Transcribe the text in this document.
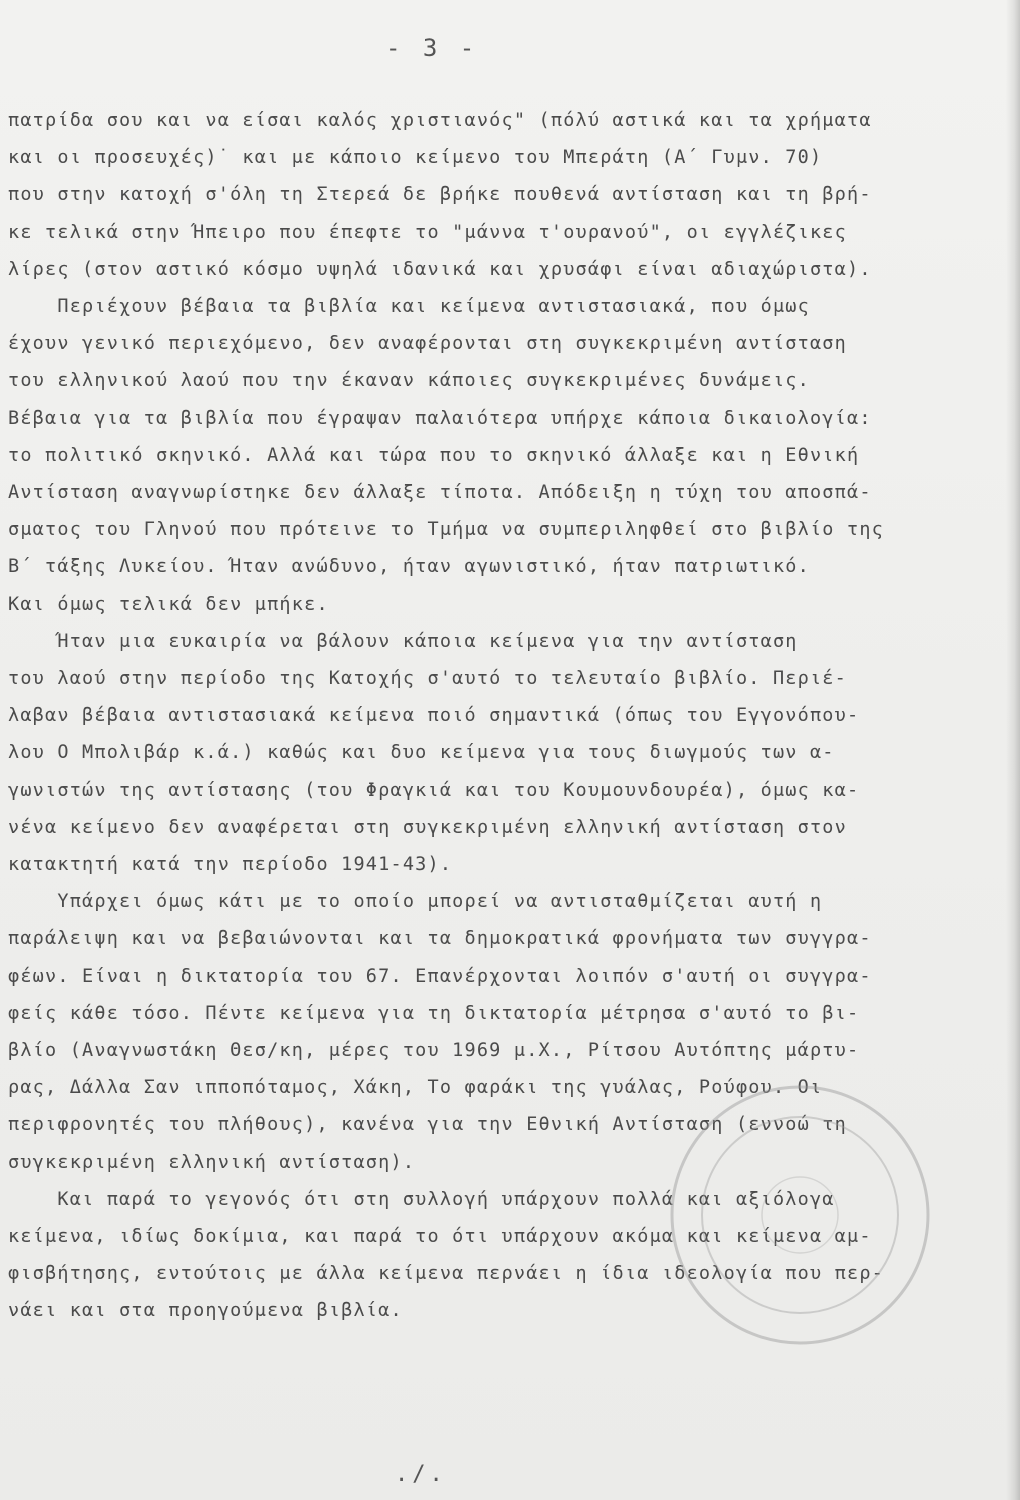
- 3 -
πατρίδα σου και να είσαι καλός χριστιανός" (πόλύ αστικά και τα χρήματα
και οι προσευχές)˙ και με κάποιο κείμενο του Μπεράτη (Α΄ Γυμν. 70)
που στην κατοχή σ'όλη τη Στερεά δε βρήκε πουθενά αντίσταση και τη βρή-
κε τελικά στην Ήπειρο που έπεφτε το "μάννα τ'ουρανού", οι εγγλέζικες
λίρες (στον αστικό κόσμο υψηλά ιδανικά και χρυσάφι είναι αδιαχώριστα).
Περιέχουν βέβαια τα βιβλία και κείμενα αντιστασιακά, που όμως
έχουν γενικό περιεχόμενο, δεν αναφέρονται στη συγκεκριμένη αντίσταση
του ελληνικού λαού που την έκαναν κάποιες συγκεκριμένες δυνάμεις.
Βέβαια για τα βιβλία που έγραψαν παλαιότερα υπήρχε κάποια δικαιολογία:
το πολιτικό σκηνικό. Αλλά και τώρα που το σκηνικό άλλαξε και η Εθνική
Αντίσταση αναγνωρίστηκε δεν άλλαξε τίποτα. Απόδειξη η τύχη του αποσπά-
σματος του Γληνού που πρότεινε το Τμήμα να συμπεριληφθεί στο βιβλίο της
Β΄ τάξης Λυκείου. Ήταν ανώδυνο, ήταν αγωνιστικό, ήταν πατριωτικό.
Και όμως τελικά δεν μπήκε.
Ήταν μια ευκαιρία να βάλουν κάποια κείμενα για την αντίσταση
του λαού στην περίοδο της Κατοχής σ'αυτό το τελευταίο βιβλίο. Περιέ-
λαβαν βέβαια αντιστασιακά κείμενα ποιό σημαντικά (όπως του Εγγονόπου-
λου Ο Μπολιβάρ κ.ά.) καθώς και δυο κείμενα για τους διωγμούς των α-
γωνιστών της αντίστασης (του Φραγκιά και του Κουμουνδουρέα), όμως κα-
νένα κείμενο δεν αναφέρεται στη συγκεκριμένη ελληνική αντίσταση στον
κατακτητή κατά την περίοδο 1941-43).
Υπάρχει όμως κάτι με το οποίο μπορεί να αντισταθμίζεται αυτή η
παράλειψη και να βεβαιώνονται και τα δημοκρατικά φρονήματα των συγγρα-
φέων. Είναι η δικτατορία του 67. Επανέρχονται λοιπόν σ'αυτή οι συγγρα-
φείς κάθε τόσο. Πέντε κείμενα για τη δικτατορία μέτρησα σ'αυτό το βι-
βλίο (Αναγνωστάκη Θεσ/κη, μέρες του 1969 μ.Χ., Ρίτσου Αυτόπτης μάρτυ-
ρας, Δάλλα Σαν ιπποπόταμος, Χάκη, Το φαράκι της γυάλας, Ρούφου. Οι
περιφρονητές του πλήθους), κανένα για την Εθνική Αντίσταση (εννοώ τη
συγκεκριμένη ελληνική αντίσταση).
Και παρά το γεγονός ότι στη συλλογή υπάρχουν πολλά και αξιόλογα
κείμενα, ιδίως δοκίμια, και παρά το ότι υπάρχουν ακόμα και κείμενα αμ-
φισβήτησης, εντούτοις με άλλα κείμενα περνάει η ίδια ιδεολογία που περ-
νάει και στα προηγούμενα βιβλία.
./.
